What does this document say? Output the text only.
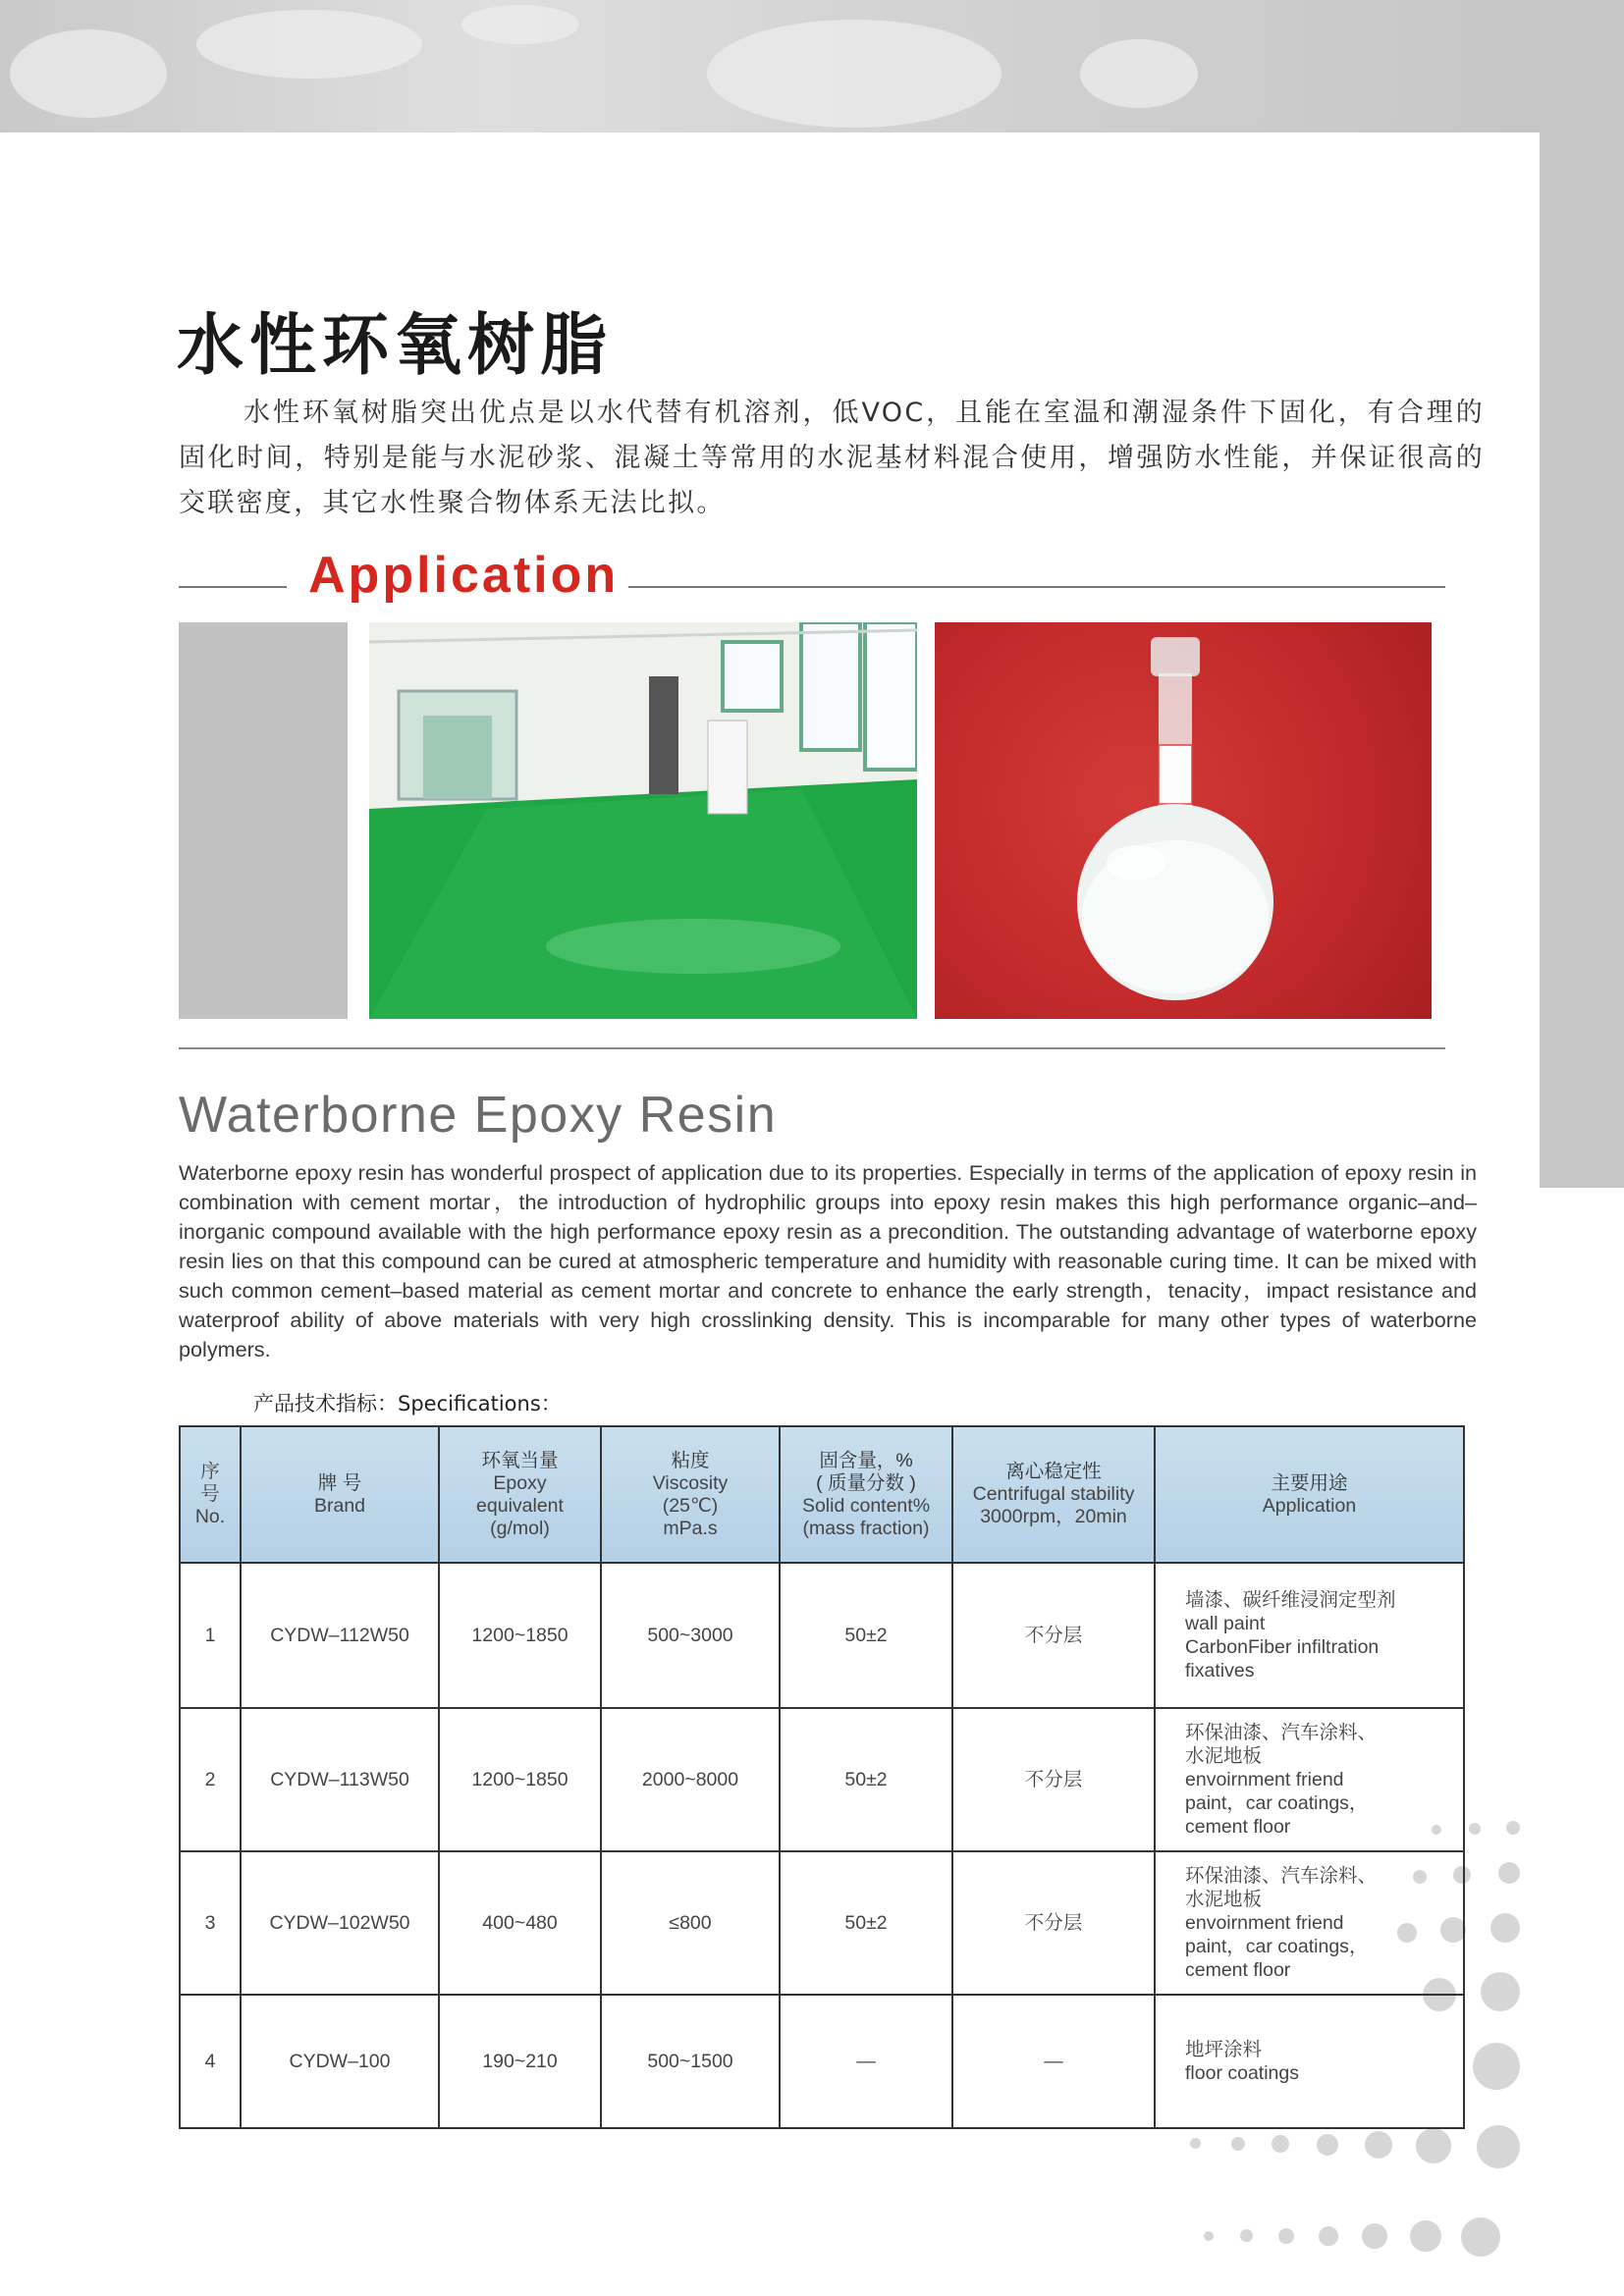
水性环氧树脂

水性环氧树脂突出优点是以水代替有机溶剂，低VOC，且能在室温和潮湿条件下固化，有合理的固化时间，特别是能与水泥砂浆、混凝土等常用的水泥基材料混合使用，增强防水性能，并保证很高的交联密度，其它水性聚合物体系无法比拟。

Application
Waterborne Epoxy Resin

Waterborne epoxy resin has wonderful prospect of application due to its properties. Especially in terms of the application of epoxy resin in combination with cement mortar，the introduction of hydrophilic groups into epoxy resin makes this high performance organic–and–inorganic compound available with the high performance epoxy resin as a precondition. The outstanding advantage of waterborne epoxy resin lies on that this compound can be cured at atmospheric temperature and humidity with reasonable curing time. It can be mixed with such common cement–based material as cement mortar and concrete to enhance the early strength，tenacity，impact resistance and waterproof ability of above materials with very high crosslinking density. This is incomparable for many other types of waterborne polymers.

产品技术指标：Specifications：

序号
No.	牌 号
Brand	环氧当量
Epoxy
equivalent
(g/mol)	粘度
Viscosity
(25℃)
mPa.s	固含量，%
( 质量分数 )
Solid content%
(mass fraction)	离心稳定性
Centrifugal stability
3000rpm，20min	主要用途
Application

1	CYDW–112W50	1200~1850	500~3000	50±2	不分层	墙漆、碳纤维浸润定型剂
wall paint
CarbonFiber infiltration
fixatives

2	CYDW–113W50	1200~1850	2000~8000	50±2	不分层	环保油漆、汽车涂料、
水泥地板
envoirnment friend
paint，car coatings，
cement floor

3	CYDW–102W50	400~480	≤800	50±2	不分层	环保油漆、汽车涂料、
水泥地板
envoirnment friend
paint，car coatings，
cement floor

4	CYDW–100	190~210	500~1500	—	—	地坪涂料
floor coatings
